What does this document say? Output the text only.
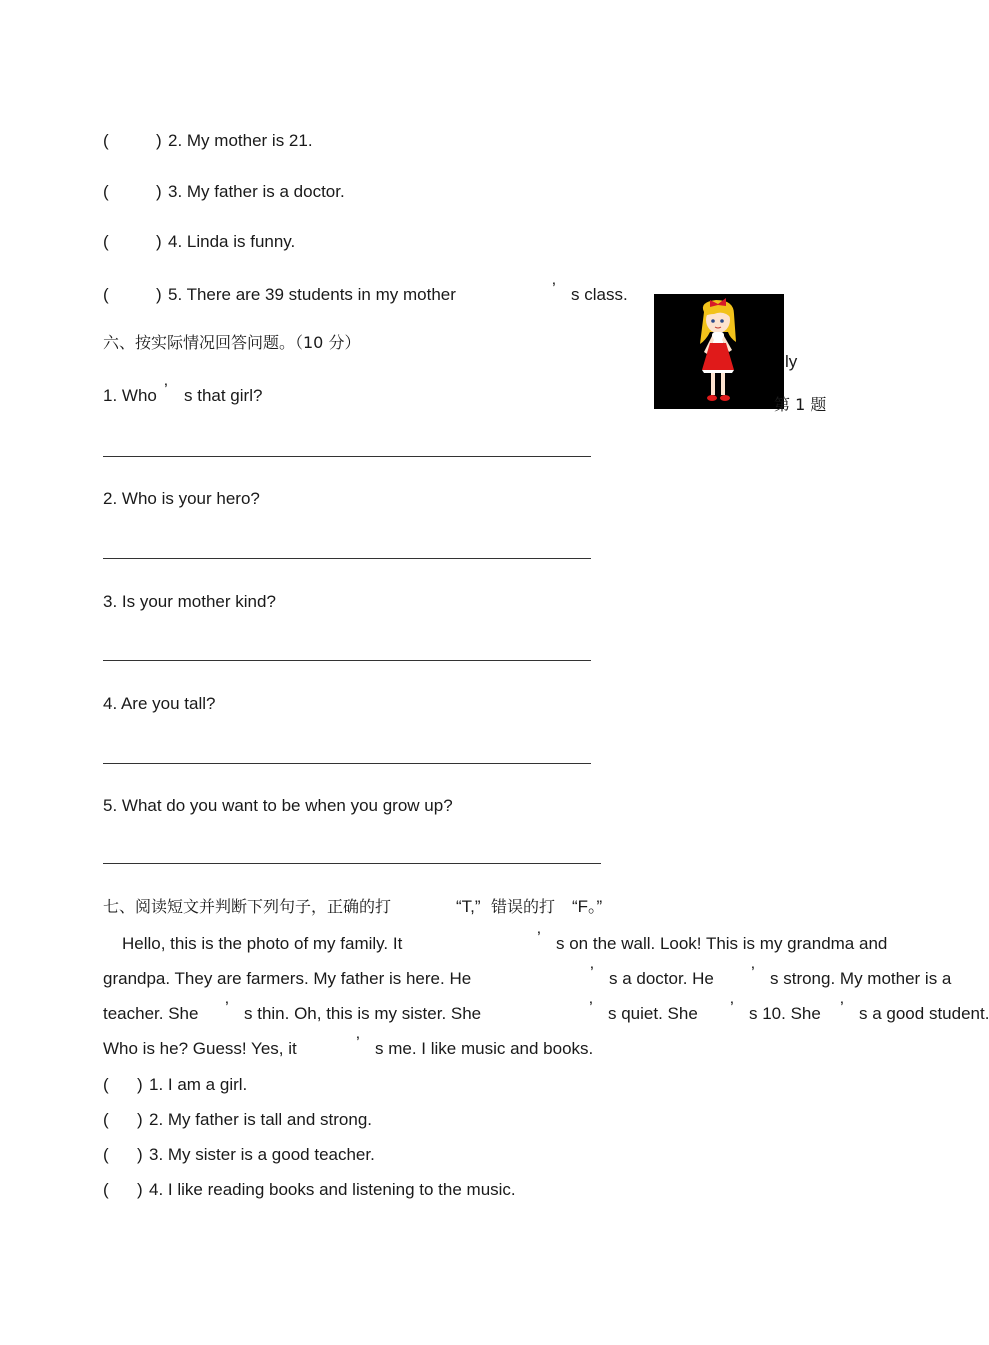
(	) 2. My mother is 21.
(	) 3. My father is a doctor.
(	) 4. Linda is funny.
(	) 5. There are 39 students in my mother	’ s class.
ly
第 1 题
六、按实际情况回答问题。（10 分）
1. Who ’ s that girl?
2. Who is your hero?
3. Is your mother kind?
4. Are you tall?
5. What do you want to be when you grow up?
七、阅读短文并判断下列句子，正确的打	“T,” 错误的打 “F。”
Hello, this is the photo of my family. It	’ s on the wall. Look! This is my grandma and
grandpa. They are farmers. My father is here. He	’ s a doctor. He ’ s strong. My mother is a
teacher. She ’ s thin. Oh, this is my sister. She	’ s quiet. She ’ s 10. She ’ s a good student.
Who is he? Guess! Yes, it	’ s me. I like music and books.
( ) 1. I am a girl.
( ) 2. My father is tall and strong.
( ) 3. My sister is a good teacher.
( ) 4. I like reading books and listening to the music.
